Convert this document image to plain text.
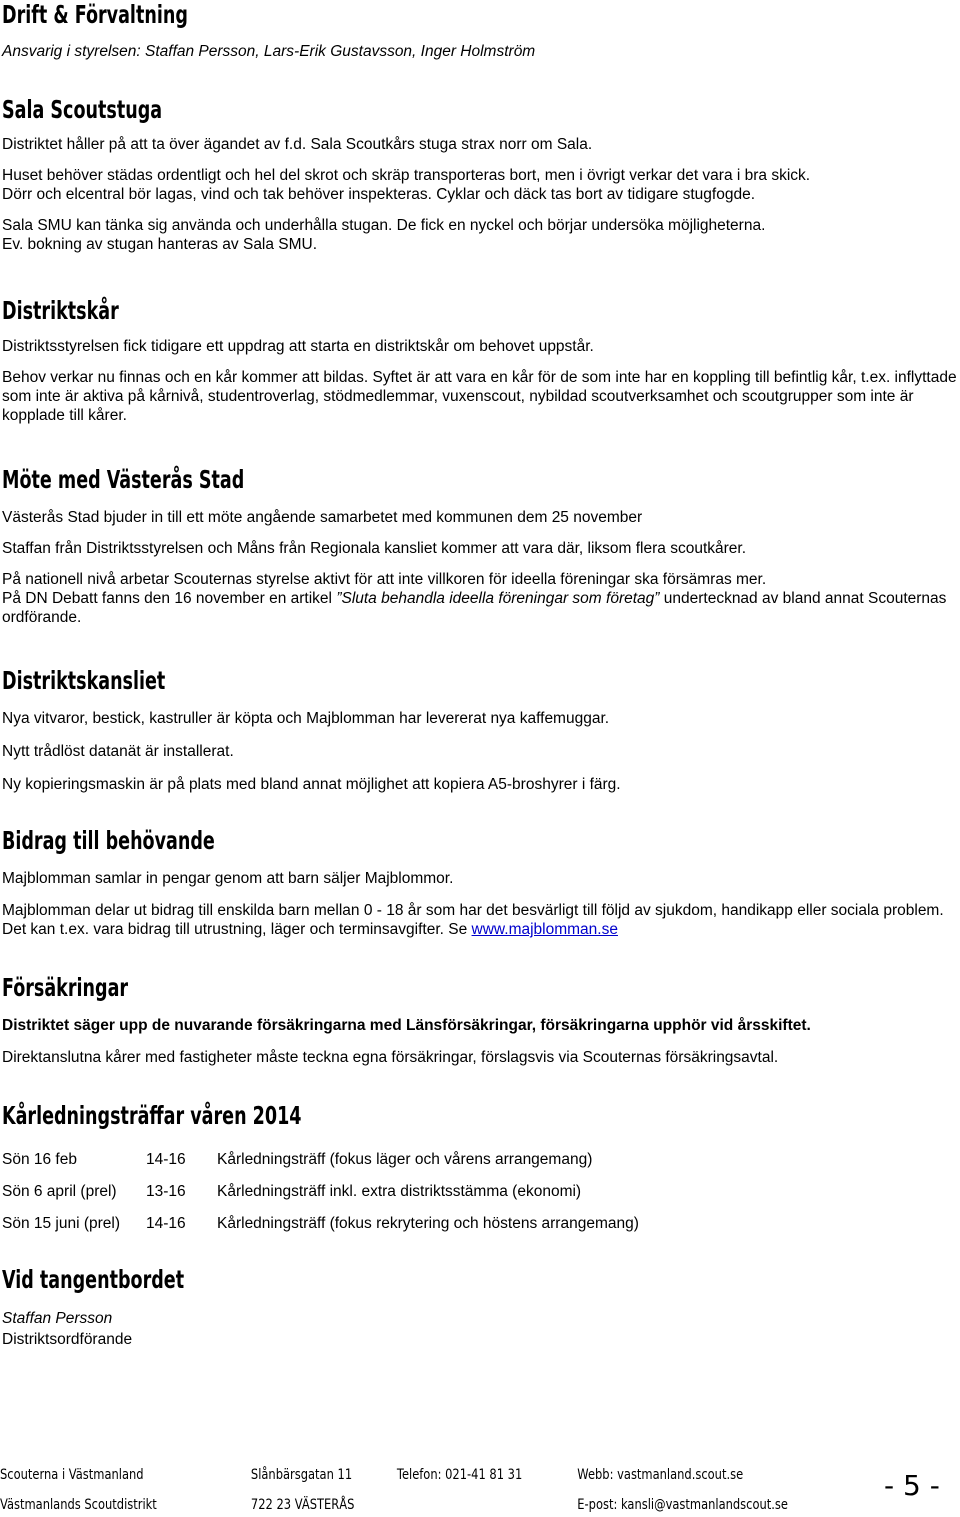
Drift & Förvaltning

Ansvarig i styrelsen: Staffan Persson, Lars-Erik Gustavsson, Inger Holmström

Sala Scoutstuga

Distriktet håller på att ta över ägandet av f.d. Sala Scoutkårs stuga strax norr om Sala.

Huset behöver städas ordentligt och hel del skrot och skräp transporteras bort, men i övrigt verkar det vara i bra skick.

Dörr och elcentral bör lagas, vind och tak behöver inspekteras. Cyklar och däck tas bort av tidigare stugfogde.

Sala SMU kan tänka sig använda och underhålla stugan. De fick en nyckel och börjar undersöka möjligheterna.

Ev. bokning av stugan hanteras av Sala SMU.

Distriktskår

Distriktsstyrelsen fick tidigare ett uppdrag att starta en distriktskår om behovet uppstår.

Behov verkar nu finnas och en kår kommer att bildas. Syftet är att vara en kår för de som inte har en koppling till befintlig kår, t.ex. inflyttade som inte är aktiva på kårnivå, studentroverlag, stödmedlemmar, vuxenscout, nybildad scoutverksamhet och scoutgrupper som inte är kopplade till kårer.

Möte med Västerås Stad

Västerås Stad bjuder in till ett möte angående samarbetet med kommunen dem 25 november

Staffan från Distriktsstyrelsen och Måns från Regionala kansliet kommer att vara där, liksom flera scoutkårer.

På nationell nivå arbetar Scouternas styrelse aktivt för att inte villkoren för ideella föreningar ska försämras mer.

På DN Debatt fanns den 16 november en artikel ”Sluta behandla ideella föreningar som företag” undertecknad av bland annat Scouternas ordförande.

Distriktskansliet

Nya vitvaror, bestick, kastruller är köpta och Majblomman har levererat nya kaffemuggar.

Nytt trådlöst datanät är installerat.

Ny kopieringsmaskin är på plats med bland annat möjlighet att kopiera A5-broshyrer i färg.

Bidrag till behövande

Majblomman samlar in pengar genom att barn säljer Majblommor.

Majblomman delar ut bidrag till enskilda barn mellan 0 - 18 år som har det besvärligt till följd av sjukdom, handikapp eller sociala problem. Det kan t.ex. vara bidrag till utrustning, läger och terminsavgifter. Se www.majblomman.se

Försäkringar

Distriktet säger upp de nuvarande försäkringarna med Länsförsäkringar, försäkringarna upphör vid årsskiftet.

Direktanslutna kårer med fastigheter måste teckna egna försäkringar, förslagsvis via Scouternas försäkringsavtal.

Kårledningsträffar våren 2014
Sön 16 feb	14-16 Kårledningsträff (fokus läger och vårens arrangemang)
Sön 6 april (prel) 13-16 Kårledningsträff inkl. extra distriktsstämma (ekonomi)
Sön 15 juni (prel) 14-16 Kårledningsträff (fokus rekrytering och höstens arrangemang)
Vid tangentbordet

Staffan Persson

Distriktsordförande

Scouterna i Västmanland	Slånbärsgatan 11	Telefon: 021-41 81 31	Webb: vastmanland.scout.se
Västmanlands Scoutdistrikt	722 23 VÄSTERÅS	E-post: kansli@vastmanlandscout.se
- 5 -
